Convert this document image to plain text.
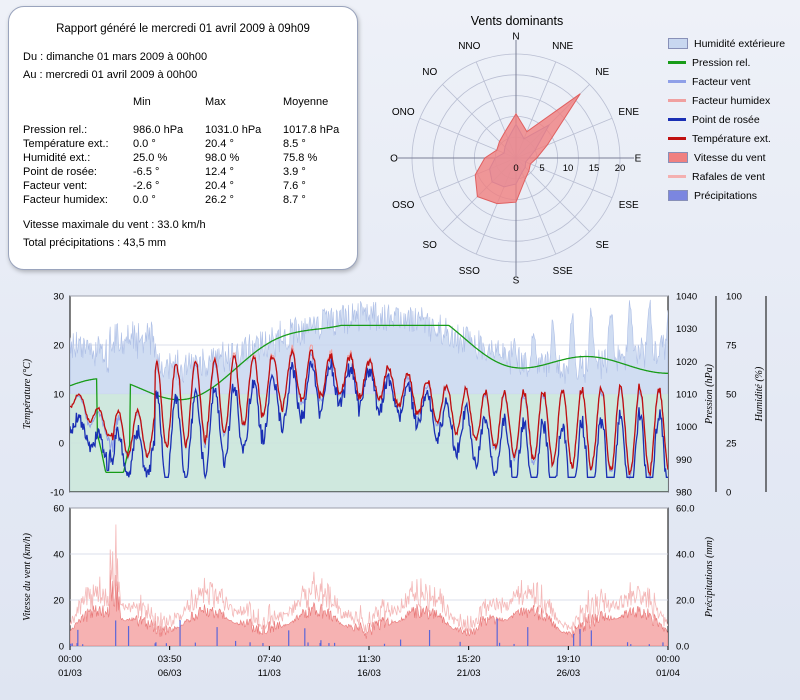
Rapport généré le mercredi 01 avril 2009 à 09h09
Du : dimanche 01 mars 2009 à 00h00
Au : mercredi 01 avril 2009 à 00h00
	Min	Max	Moyenne

Pression rel.:	986.0 hPa	1031.0 hPa	1017.8 hPa
Température ext.:	0.0 °	20.4 °	8.5 °
Humidité ext.:	25.0 %	98.0 %	75.8 %
Point de rosée:	-6.5 °	12.4 °	3.9 °
Facteur vent:	-2.6 °	20.4 °	7.6 °
Facteur humidex:	0.0 °	26.2 °	8.7 °
Vitesse maximale du vent : 33.0 km/h
Total précipitations : 43,5 mm
Vents dominants
N
NNE
NE
ENE
E
ESE
SE
SSE
S
SSO
SO
OSO
O
ONO
NO
NNO
0 5 10 15 20
Humidité extérieure
Pression rel.
Facteur vent
Facteur humidex
Point de rosée
Température ext.
Vitesse du vent
Rafales de vent
Précipitations
-10
0
10
20
30
980
990
1000
1010
1020
1030
1040
0
25
50
75
100
0
20
40
60
0.0
20.0
40.0
60.0
Température (°C)	Pression (hPa)	Humidité (%)
Vitesse du vent (km/h)	Précipitations (mm)
00:00
01/03
03:50
06/03
07:40
11/03
11:30
16/03
15:20
21/03
19:10
26/03
00:00
01/04
